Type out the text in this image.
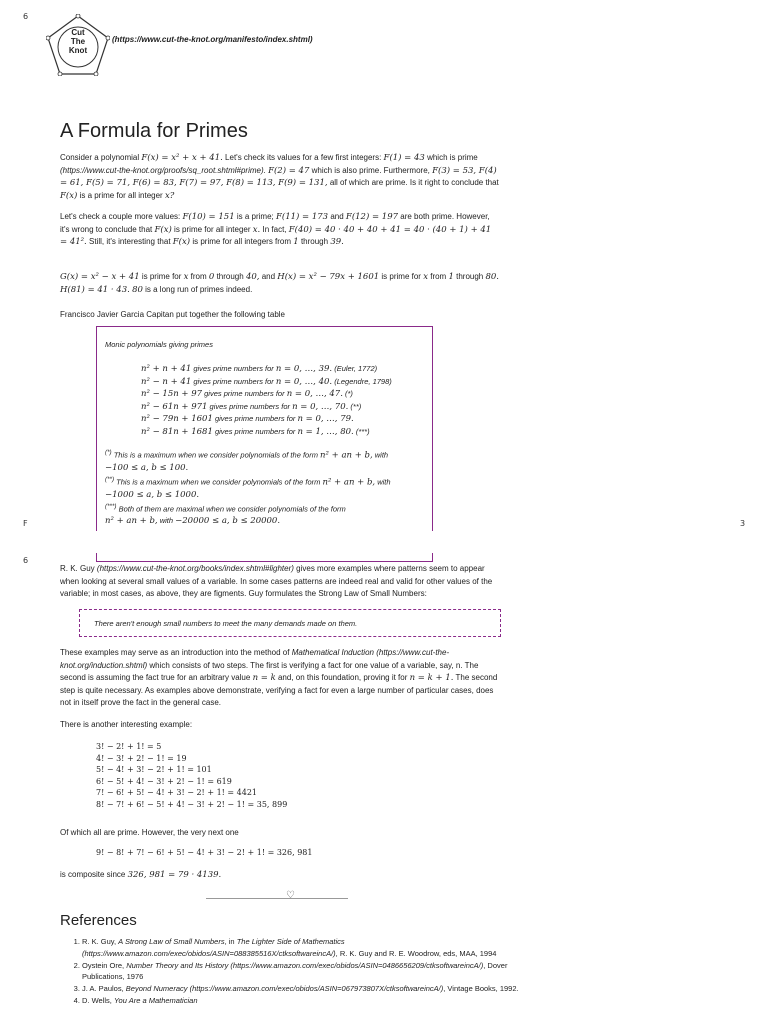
6
F	3
6
Cut
The
Knot
(https://www.cut-the-knot.org/manifesto/index.shtml)
A Formula for Primes

Consider a polynomial F(x) = x² + x + 41. Let's check its values for a few first integers: F(1) = 43 which is prime (https://www.cut-the-knot.org/proofs/sq_root.shtml#prime). F(2) = 47 which is also prime. Furthermore, F(3) = 53, F(4) = 61, F(5) = 71, F(6) = 83, F(7) = 97, F(8) = 113, F(9) = 131, all of which are prime. Is it right to conclude that F(x) is a prime for all integer x?

Let's check a couple more values: F(10) = 151 is a prime; F(11) = 173 and F(12) = 197 are both prime. However, it's wrong to conclude that F(x) is prime for all integer x. In fact, F(40) = 40 · 40 + 40 + 41 = 40 · (40 + 1) + 41 = 41². Still, it's interesting that F(x) is prime for all integers from 1 through 39.

G(x) = x² − x + 41 is prime for x from 0 through 40, and H(x) = x² − 79x + 1601 is prime for x from 1 through 80. H(81) = 41 · 43. 80 is a long run of primes indeed.

Francisco Javier Garcia Capitan put together the following table

Monic polynomials giving primes
n² + n + 41 gives prime numbers for n = 0, …, 39. (Euler, 1772)
n² − n + 41 gives prime numbers for n = 0, …, 40. (Legendre, 1798)
n² − 15n + 97 gives prime numbers for n = 0, …, 47. (*)
n² − 61n + 971 gives prime numbers for n = 0, …, 70. (**)
n² − 79n + 1601 gives prime numbers for n = 0, …, 79.
n² − 81n + 1681 gives prime numbers for n = 1, …, 80. (***)
(*) This is a maximum when we consider polynomials of the form n² + an + b, with
−100 ≤ a, b ≤ 100.
(**) This is a maximum when we consider polynomials of the form n² + an + b, with
−1000 ≤ a, b ≤ 1000.
(***) Both of them are maximal when we consider polynomials of the form
n² + an + b, with −20000 ≤ a, b ≤ 20000.

R. K. Guy (https://www.cut-the-knot.org/books/index.shtml#lighter) gives more examples where patterns seem to appear when looking at several small values of a variable. In some cases patterns are indeed real and valid for other values of the variable; in most cases, as above, they are figments. Guy formulates the Strong Law of Small Numbers:

There aren't enough small numbers to meet the many demands made on them.

These examples may serve as an introduction into the method of Mathematical Induction (https://www.cut-the-knot.org/induction.shtml) which consists of two steps. The first is verifying a fact for one value of a variable, say, n. The second is assuming the fact true for an arbitrary value n = k and, on this foundation, proving it for n = k + 1. The second step is quite necessary. As examples above demonstrate, verifying a fact for even a large number of particular cases, does not in itself prove the fact in the general case.

There is another interesting example:

3! − 2! + 1! = 5
4! − 3! + 2! − 1! = 19
5! − 4! + 3! − 2! + 1! = 101
6! − 5! + 4! − 3! + 2! − 1! = 619
7! − 6! + 5! − 4! + 3! − 2! + 1! = 4421
8! − 7! + 6! − 5! + 4! − 3! + 2! − 1! = 35, 899

Of which all are prime. However, the very next one

9! − 8! + 7! − 6! + 5! − 4! + 3! − 2! + 1! = 326, 981

is composite since 326, 981 = 79 · 4139.

♡
References
1. R. K. Guy, A Strong Law of Small Numbers, in The Lighter Side of Mathematics (https://www.amazon.com/exec/obidos/ASIN=088385516X/ctksoftwareincA/), R. K. Guy and R. E. Woodrow, eds, MAA, 1994
2. Oystein Ore, Number Theory and Its History (https://www.amazon.com/exec/obidos/ASIN=0486656209/ctksoftwareincA/), Dover Publications, 1976
3. J. A. Paulos, Beyond Numeracy (https://www.amazon.com/exec/obidos/ASIN=067973807X/ctksoftwareincA/), Vintage Books, 1992.
4. D. Wells, You Are a Mathematician
